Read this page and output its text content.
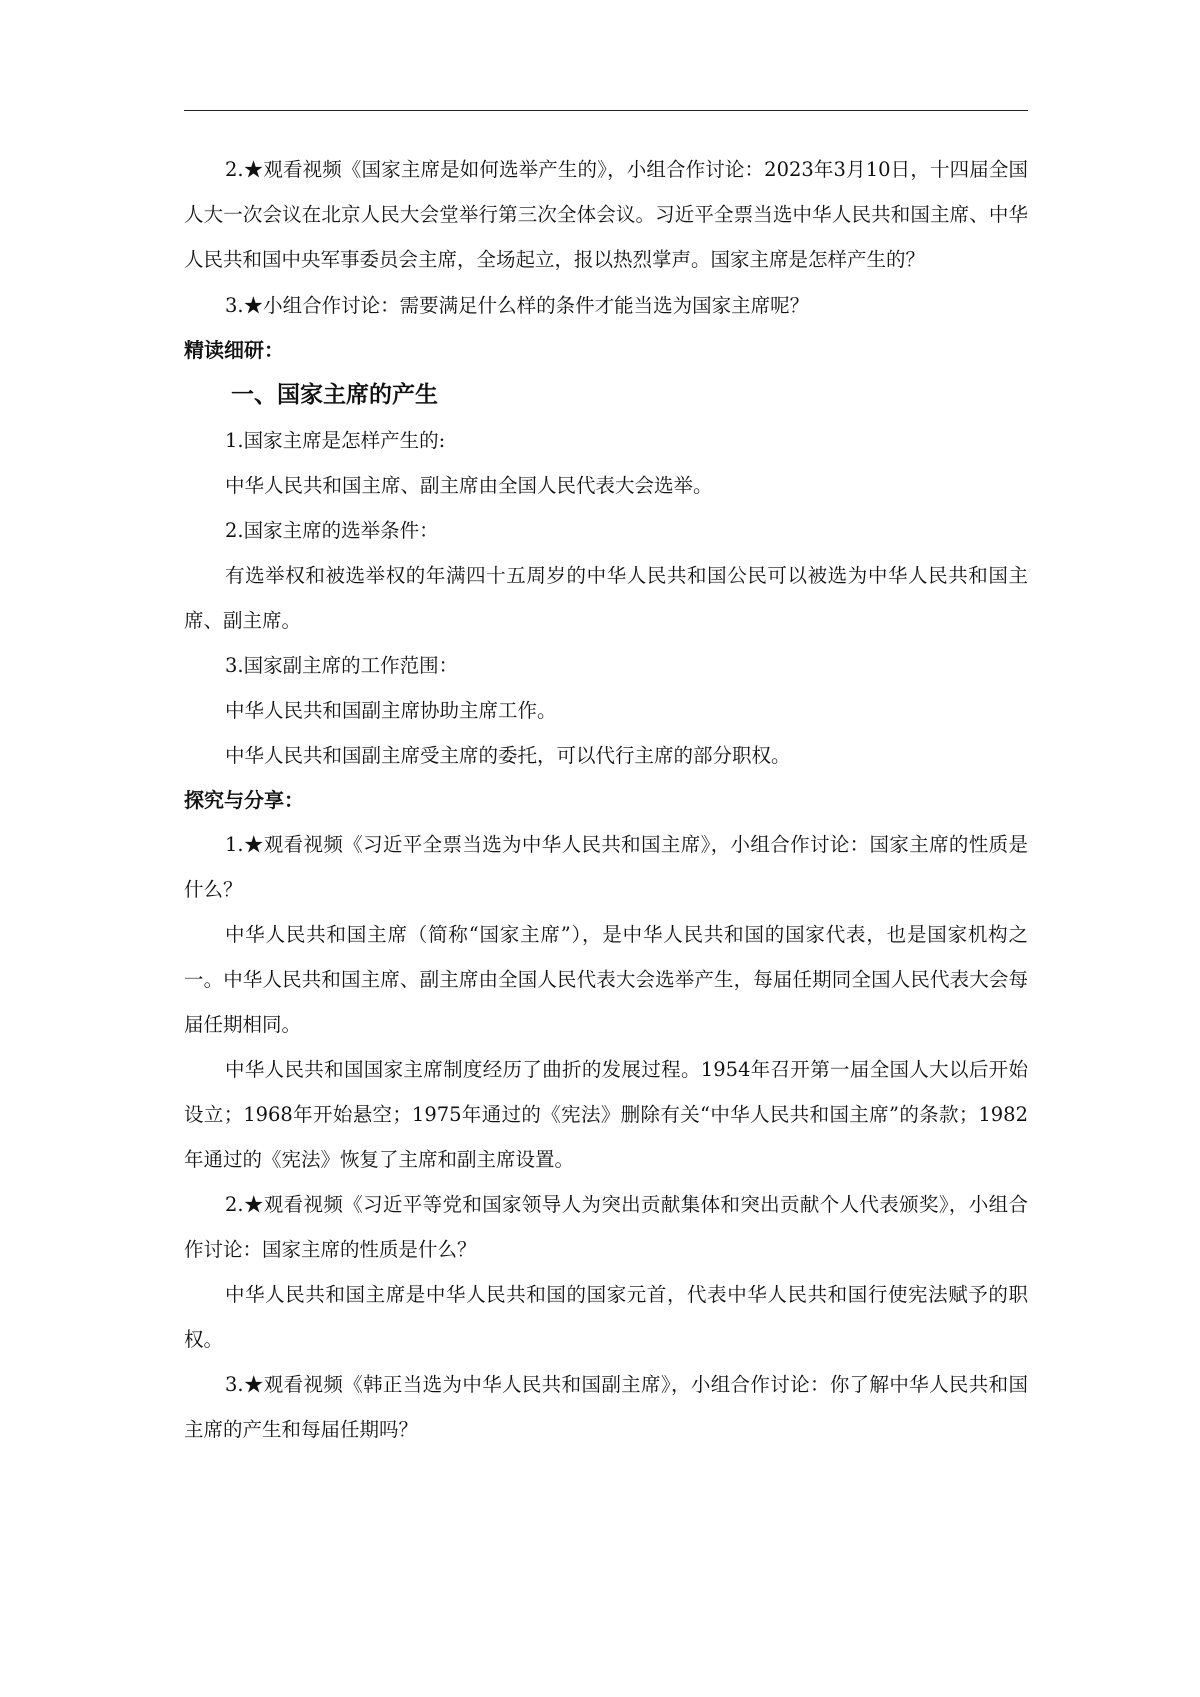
2.★观看视频《国家主席是如何选举产生的》，小组合作讨论：2023年3月10日，十四届全国人大一次会议在北京人民大会堂举行第三次全体会议。习近平全票当选中华人民共和国主席、中华人民共和国中央军事委员会主席，全场起立，报以热烈掌声。国家主席是怎样产生的？

3.★小组合作讨论：需要满足什么样的条件才能当选为国家主席呢？

精读细研：

一、国家主席的产生

1.国家主席是怎样产生的:

中华人民共和国主席、副主席由全国人民代表大会选举。

2.国家主席的选举条件：

有选举权和被选举权的年满四十五周岁的中华人民共和国公民可以被选为中华人民共和国主席、副主席。

3.国家副主席的工作范围：

中华人民共和国副主席协助主席工作。

中华人民共和国副主席受主席的委托，可以代行主席的部分职权。

探究与分享：

1.★观看视频《习近平全票当选为中华人民共和国主席》，小组合作讨论：国家主席的性质是什么？

中华人民共和国主席（简称“国家主席”），是中华人民共和国的国家代表，也是国家机构之一。中华人民共和国主席、副主席由全国人民代表大会选举产生，每届任期同全国人民代表大会每届任期相同。

中华人民共和国国家主席制度经历了曲折的发展过程。1954年召开第一届全国人大以后开始设立；1968年开始悬空；1975年通过的《宪法》删除有关“中华人民共和国主席”的条款；1982年通过的《宪法》恢复了主席和副主席设置。

2.★观看视频《习近平等党和国家领导人为突出贡献集体和突出贡献个人代表颁奖》，小组合作讨论：国家主席的性质是什么？

中华人民共和国主席是中华人民共和国的国家元首，代表中华人民共和国行使宪法赋予的职权。

3.★观看视频《韩正当选为中华人民共和国副主席》，小组合作讨论：你了解中华人民共和国主席的产生和每届任期吗？
